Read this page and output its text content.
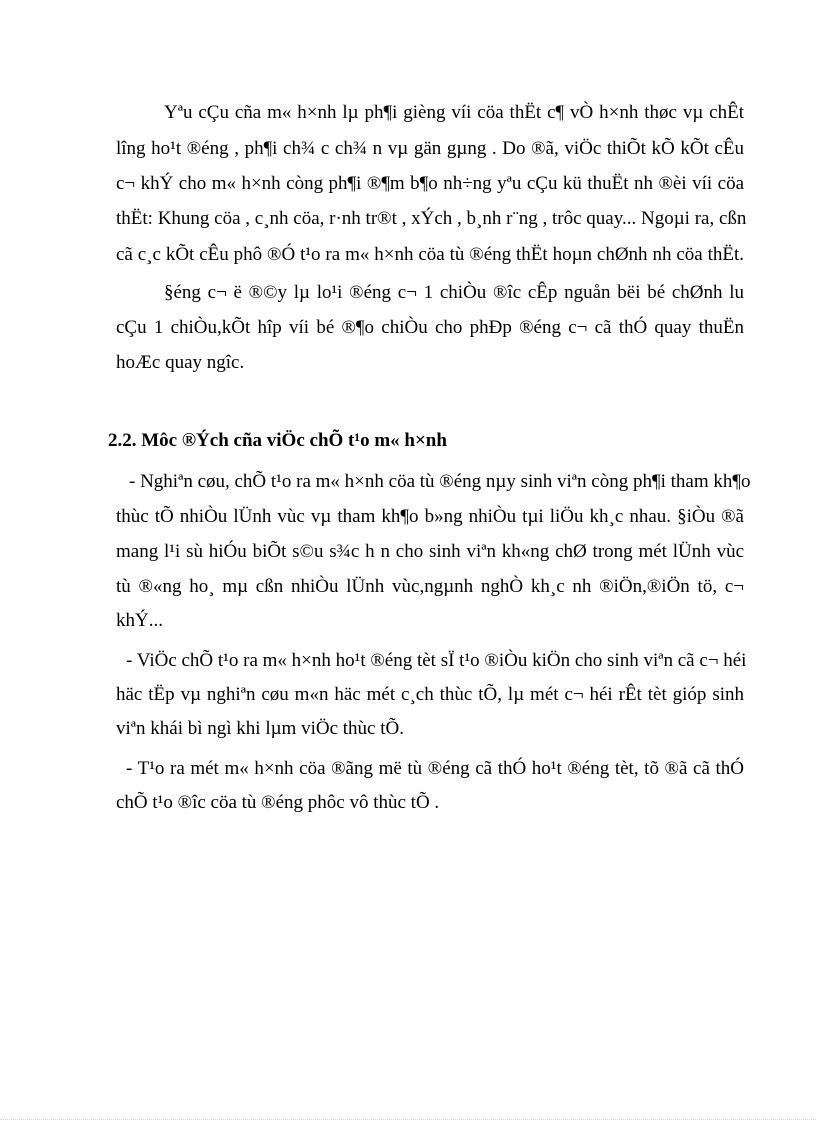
Yªu cÇu cña m« h×nh lµ ph¶i gièng víi cöa thËt c¶ vÒ h×nh thøc vµ chÊt
lîng ho¹t ®éng , ph¶i ch¾ c ch¾ n vµ gän gµng . Do ®ã, viÖc thiÕt kÕ kÕt cÊu
c¬ khÝ cho m« h×nh còng ph¶i ®¶m b¶o nh÷ng yªu cÇu kü thuËt nh ®èi víi cöa
thËt: Khung cöa , c¸nh cöa, r·nh tr®t , xÝch , b¸nh r¨ng , trôc quay... Ngoµi ra, cßn
cã c¸c kÕt cÊu phô ®Ó t¹o ra m« h×nh cöa tù ®éng thËt hoµn chØnh nh cöa thËt.
§éng c¬ ë ®©y lµ lo¹i ®éng c¬ 1 chiÒu ®îc cÊp nguån bëi bé chØnh lu
cÇu 1 chiÒu,kÕt hîp víi bé ®¶o chiÒu cho phÐp ®éng c¬ cã thÓ quay thuËn
hoÆc quay ngîc.
2.2. Môc ®Ých cña viÖc chÕ t¹o m« h×nh
- Nghiªn cøu, chÕ t¹o ra m« h×nh cöa tù ®éng nµy sinh viªn còng ph¶i tham kh¶o
thùc tÕ nhiÒu lÜnh vùc vµ tham kh¶o b»ng nhiÒu tµi liÖu kh¸c nhau. §iÒu ®ã
mang l¹i sù hiÓu biÕt s©u s¾c h n cho sinh viªn kh«ng chØ trong mét lÜnh vùc
tù ®«ng ho¸ mµ cßn nhiÒu lÜnh vùc,ngµnh nghÒ kh¸c nh ®iÖn,®iÖn tö, c¬
khÝ...
- ViÖc chÕ t¹o ra m« h×nh ho¹t ®éng tèt sÏ t¹o ®iÒu kiÖn cho sinh viªn cã c¬ héi
häc tËp vµ nghiªn cøu m«n häc mét c¸ch thùc tÕ, lµ mét c¬ héi rÊt tèt gióp sinh
viªn khái bì ngì khi lµm viÖc thùc tÕ.
- T¹o ra mét m« h×nh cöa ®ãng më tù ®éng cã thÓ ho¹t ®éng tèt, tõ ®ã cã thÓ
chÕ t¹o ®îc cöa tù ®éng phôc vô thùc tÕ .
